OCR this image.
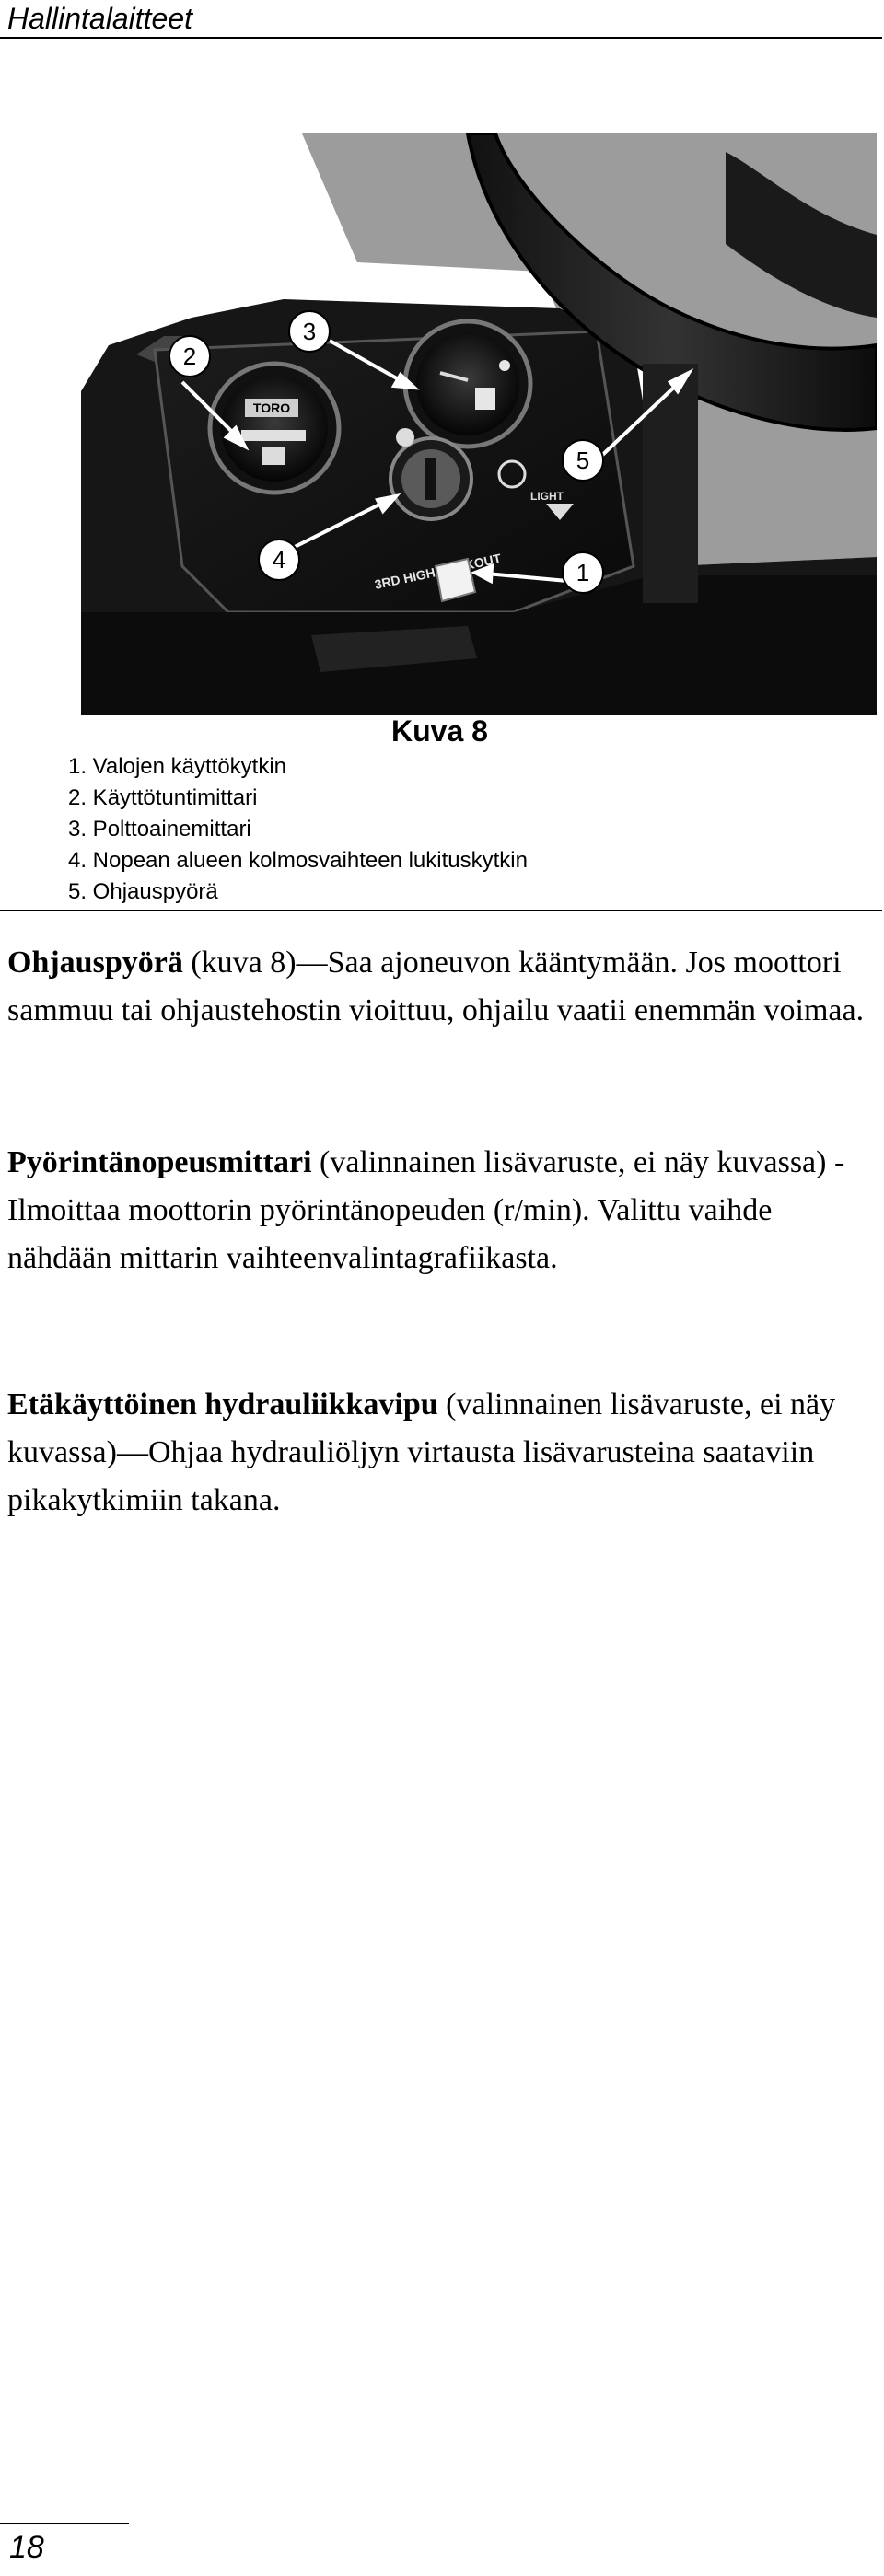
Hallintalaitteet
TORO
3RD HIGH
LIGHT
2
3
4	1
5
Kuva 8
1. Valojen käyttökytkin
2. Käyttötuntimittari
3. Polttoainemittari
4. Nopean alueen kolmosvaihteen lukituskytkin
5. Ohjauspyörä

Ohjauspyörä (kuva 8)—Saa ajoneuvon kääntymään. Jos moottori sammuu tai ohjaustehostin vioittuu, ohjailu vaatii enemmän voimaa.

Pyörintänopeusmittari (valinnainen lisävaruste, ei näy kuvassa) -Ilmoittaa moottorin pyörintänopeuden (r/min). Valittu vaihde nähdään mittarin vaihteenvalintagrafiikasta.

Etäkäyttöinen hydrauliikkavipu (valinnainen lisävaruste, ei näy kuvassa)—Ohjaa hydrauliöljyn virtausta lisävarusteina saataviin pikakytkimiin takana.

18
